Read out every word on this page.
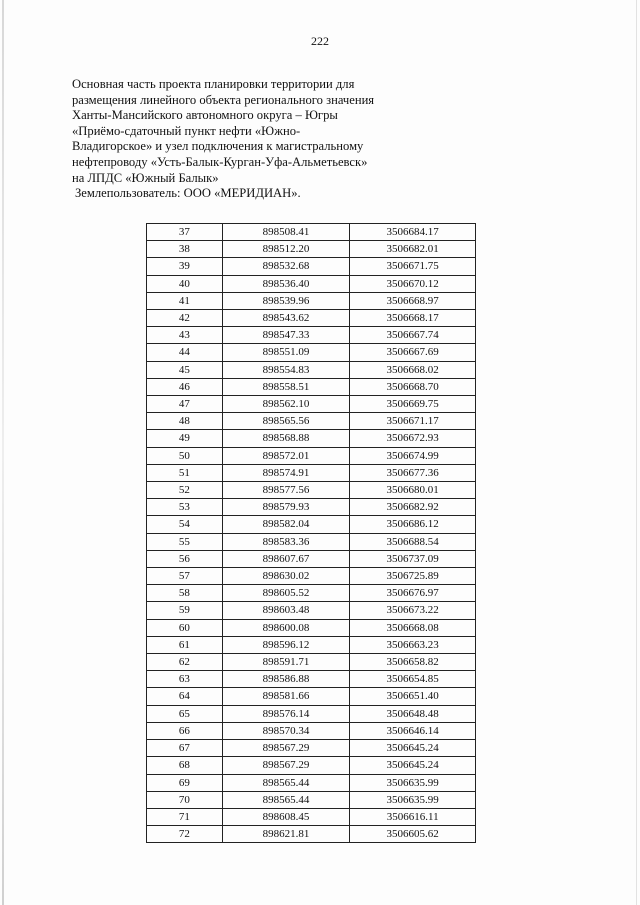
222
Основная часть проекта планировки территории для
размещения линейного объекта регионального значения
Ханты-Мансийского автономного округа – Югры
«Приёмо-сдаточный пункт нефти «Южно-
Владигорское» и узел подключения к магистральному
нефтепроводу «Усть-Балык-Курган-Уфа-Альметьевск»
на ЛПДС «Южный Балык»
Землепользователь: ООО «МЕРИДИАН».
37	898508.41	3506684.17
38	898512.20	3506682.01
39	898532.68	3506671.75
40	898536.40	3506670.12
41	898539.96	3506668.97
42	898543.62	3506668.17
43	898547.33	3506667.74
44	898551.09	3506667.69
45	898554.83	3506668.02
46	898558.51	3506668.70
47	898562.10	3506669.75
48	898565.56	3506671.17
49	898568.88	3506672.93
50	898572.01	3506674.99
51	898574.91	3506677.36
52	898577.56	3506680.01
53	898579.93	3506682.92
54	898582.04	3506686.12
55	898583.36	3506688.54
56	898607.67	3506737.09
57	898630.02	3506725.89
58	898605.52	3506676.97
59	898603.48	3506673.22
60	898600.08	3506668.08
61	898596.12	3506663.23
62	898591.71	3506658.82
63	898586.88	3506654.85
64	898581.66	3506651.40
65	898576.14	3506648.48
66	898570.34	3506646.14
67	898567.29	3506645.24
68	898567.29	3506645.24
69	898565.44	3506635.99
70	898565.44	3506635.99
71	898608.45	3506616.11
72	898621.81	3506605.62
